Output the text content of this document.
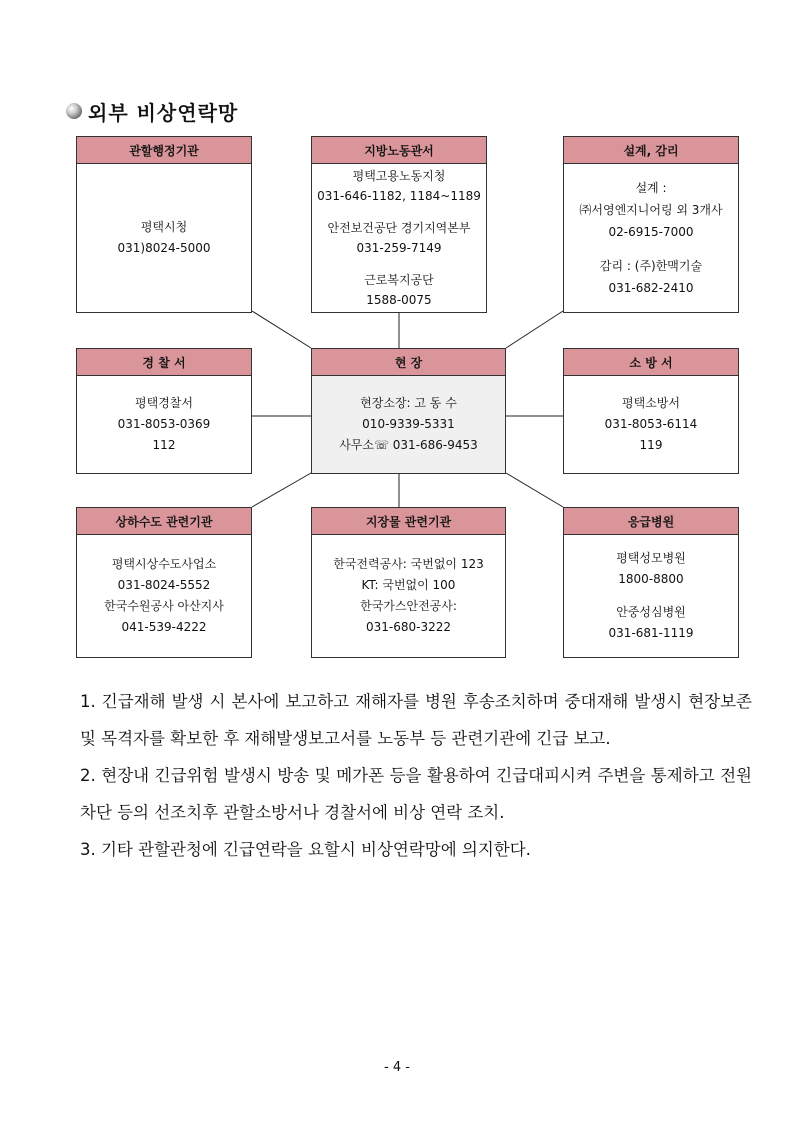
외부 비상연락망
관할행정기관
평택시청
031)8024-5000
지방노동관서
평택고용노동지청
031-646-1182, 1184~1189
안전보건공단 경기지역본부
031-259-7149
근로복지공단
1588-0075
설계, 감리
설계 :
㈜서영엔지니어링 외 3개사
02-6915-7000
감리 : (주)한맥기술
031-682-2410
경 찰 서
평택경찰서
031-8053-0369
112
현 장
현장소장: 고 동 수
010-9339-5331
사무소☏ 031-686-9453
소 방 서
평택소방서
031-8053-6114
119
상하수도 관련기관
평택시상수도사업소
031-8024-5552
한국수원공사 아산지사
041-539-4222
지장물 관련기관
한국전력공사: 국번없이 123
KT: 국번없이 100
한국가스안전공사:
031-680-3222
응급병원
평택성모병원
1800-8800
안중성심병원
031-681-1119

1. 긴급재해 발생 시 본사에 보고하고 재해자를 병원 후송조치하며 중대재해 발생시 현장보존 및 목격자를 확보한 후 재해발생보고서를 노동부 등 관련기관에 긴급 보고.

2. 현장내 긴급위험 발생시 방송 및 메가폰 등을 활용하여 긴급대피시켜 주변을 통제하고 전원차단 등의 선조치후 관할소방서나 경찰서에 비상 연락 조치.

3. 기타 관할관청에 긴급연락을 요할시 비상연락망에 의지한다.

- 4 -
